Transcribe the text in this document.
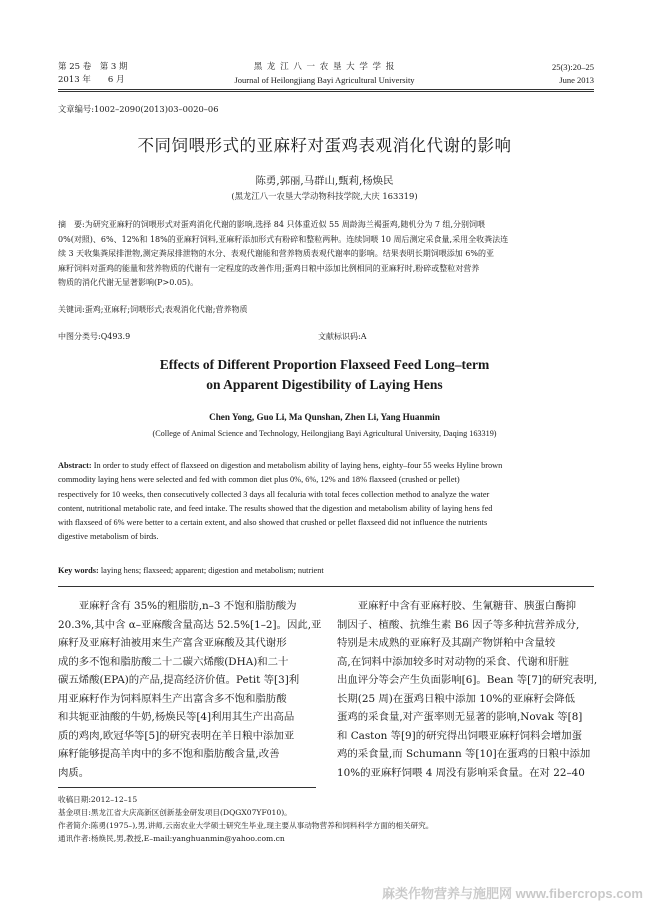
第 25 卷　第 3 期
2013 年　　6 月
黑 龙 江 八 一 农 垦 大 学 学 报
Journal of Heilongjiang Bayi Agricultural University
25(3):20–25
June 2013
文章编号:1002–2090(2013)03–0020–06
不同饲喂形式的亚麻籽对蛋鸡表观消化代谢的影响
陈勇,郭丽,马群山,甄莉,杨焕民
(黑龙江八一农垦大学动物科技学院,大庆 163319)
摘　要:为研究亚麻籽的饲喂形式对蛋鸡消化代谢的影响,选择 84 只体重近似 55 周龄海兰褐蛋鸡,随机分为 7 组,分别饲喂
0%(对照)、6%、12%和 18%的亚麻籽饲料,亚麻籽添加形式有粉碎和整粒两种。连续饲喂 10 周后测定采食量,采用全收粪法连
续 3 天收集粪尿排泄物,测定粪尿排泄物的水分、表观代谢能和营养物质表观代谢率的影响。结果表明长期饲喂添加 6%的亚
麻籽饲料对蛋鸡的能量和营养物质的代谢有一定程度的改善作用;蛋鸡日粮中添加比例相同的亚麻籽时,粉碎或整粒对营养
物质的消化代谢无显著影响(P>0.05)。
关键词:蛋鸡;亚麻籽;饲喂形式;表观消化代谢;营养物质
中图分类号:Q493.9	文献标识码:A
Effects of Different Proportion Flaxseed Feed Long–term
on Apparent Digestibility of Laying Hens
Chen Yong, Guo Li, Ma Qunshan, Zhen Li, Yang Huanmin
(College of Animal Science and Technology, Heilongjiang Bayi Agricultural University, Daqing 163319)
Abstract: In order to study effect of flaxseed on digestion and metabolism ability of laying hens, eighty–four 55 weeks Hyline brown
commodity laying hens were selected and fed with common diet plus 0%, 6%, 12% and 18% flaxseed (crushed or pellet)
respectively for 10 weeks, then consecutively collected 3 days all fecaluria with total feces collection method to analyze the water
content, nutritional metabolic rate, and feed intake. The results showed that the digestion and metabolism ability of laying hens fed
with flaxseed of 6% were better to a certain extent, and also showed that crushed or pellet flaxseed did not influence the nutrients
digestive metabolism of birds.
Key words: laying hens; flaxseed; apparent; digestion and metabolism; nutrient
　　亚麻籽含有 35%的粗脂肪,n–3 不饱和脂肪酸为
20.3%,其中含 α–亚麻酸含量高达 52.5%[1–2]。因此,亚
麻籽及亚麻籽油被用来生产富含亚麻酸及其代谢形
成的多不饱和脂肪酸二十二碳六烯酸(DHA)和二十
碳五烯酸(EPA)的产品,提高经济价值。Petit 等[3]利
用亚麻籽作为饲料原料生产出富含多不饱和脂肪酸
和共轭亚油酸的牛奶,杨焕民等[4]利用其生产出高品
质的鸡肉,欧冠华等[5]的研究表明在羊日粮中添加亚
麻籽能够提高羊肉中的多不饱和脂肪酸含量,改善
肉质。
　　亚麻籽中含有亚麻籽胶、生氰糖苷、胰蛋白酶抑
制因子、植酸、抗维生素 B6 因子等多种抗营养成分,
特别是未成熟的亚麻籽及其副产物饼粕中含量较
高,在饲料中添加较多时对动物的采食、代谢和肝脏
出血评分等会产生负面影响[6]。Bean 等[7]的研究表明,
长期(25 周)在蛋鸡日粮中添加 10%的亚麻籽会降低
蛋鸡的采食量,对产蛋率则无显著的影响,Novak 等[8]
和 Caston 等[9]的研究得出饲喂亚麻籽饲料会增加蛋
鸡的采食量,而 Schumann 等[10]在蛋鸡的日粮中添加
10%的亚麻籽饲喂 4 周没有影响采食量。在对 22–40
收稿日期:2012–12–15
基金项目:黑龙江省大庆高新区创新基金研发项目(DQGX07YF010)。
作者简介:陈勇(1975–),男,讲师,云南农业大学硕士研究生毕业,现主要从事动物营养和饲料科学方面的相关研究。
通讯作者:杨焕民,男,教授,E–mail:yanghuanmin@yahoo.com.cn
麻类作物营养与施肥网 www.fibercrops.com
